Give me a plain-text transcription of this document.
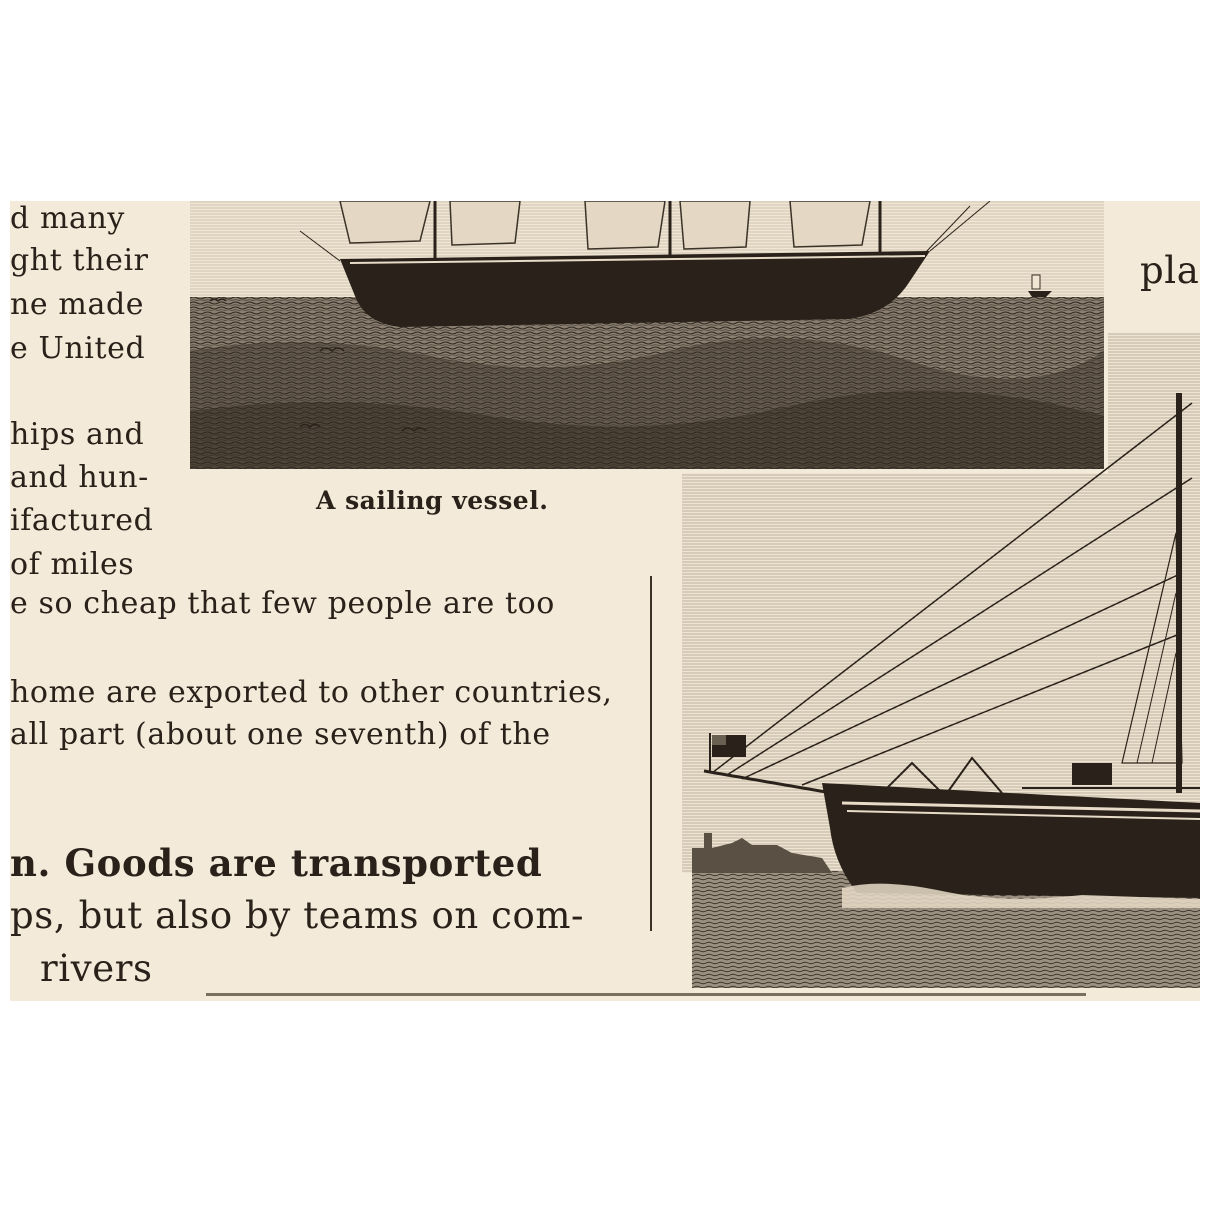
d many
ght their
ne made
e United
hips and
and hun-
ifactured
of miles
A sailing vessel.
e so cheap that few people are too
home are exported to other countries,
all part (about one seventh) of the
n. Goods are transported
ps, but also by teams on com-
rivers
pla
